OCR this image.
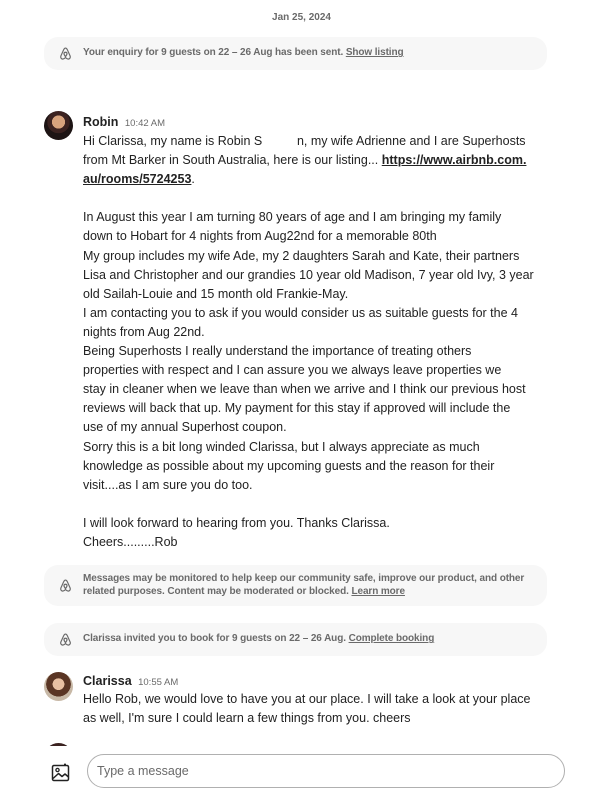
Jan 25, 2024
Your enquiry for 9 guests on 22 – 26 Aug has been sent. Show listing
Robin 10:42 AM

Hi Clarissa, my name is Robin S          n, my wife Adrienne and I are Superhosts

from Mt Barker in South Australia, here is our listing... https://www.airbnb.com.

au/rooms/5724253.

In August this year I am turning 80 years of age and I am bringing my family

down to Hobart for 4 nights from Aug22nd for a memorable 80th

My group includes my wife Ade, my 2 daughters Sarah and Kate, their partners

Lisa and Christopher and our grandies 10 year old Madison, 7 year old Ivy, 3 year

old Sailah-Louie and 15 month old Frankie-May.

I am contacting you to ask if you would consider us as suitable guests for the 4

nights from Aug 22nd.

Being Superhosts I really understand the importance of treating others

properties with respect and I can assure you we always leave properties we

stay in cleaner when we leave than when we arrive and I think our previous host

reviews will back that up. My payment for this stay if approved will include the

use of my annual Superhost coupon.

Sorry this is a bit long winded Clarissa, but I always appreciate as much

knowledge as possible about my upcoming guests and the reason for their

visit....as I am sure you do too.

I will look forward to hearing from you. Thanks Clarissa.

Cheers.........Rob

Messages may be monitored to help keep our community safe, improve our product, and other
related purposes. Content may be moderated or blocked. Learn more
Clarissa invited you to book for 9 guests on 22 – 26 Aug. Complete booking
Clarissa 10:55 AM

Hello Rob, we would love to have you at our place. I will take a look at your place

as well, I'm sure I could learn a few things from you. cheers

Type a message
